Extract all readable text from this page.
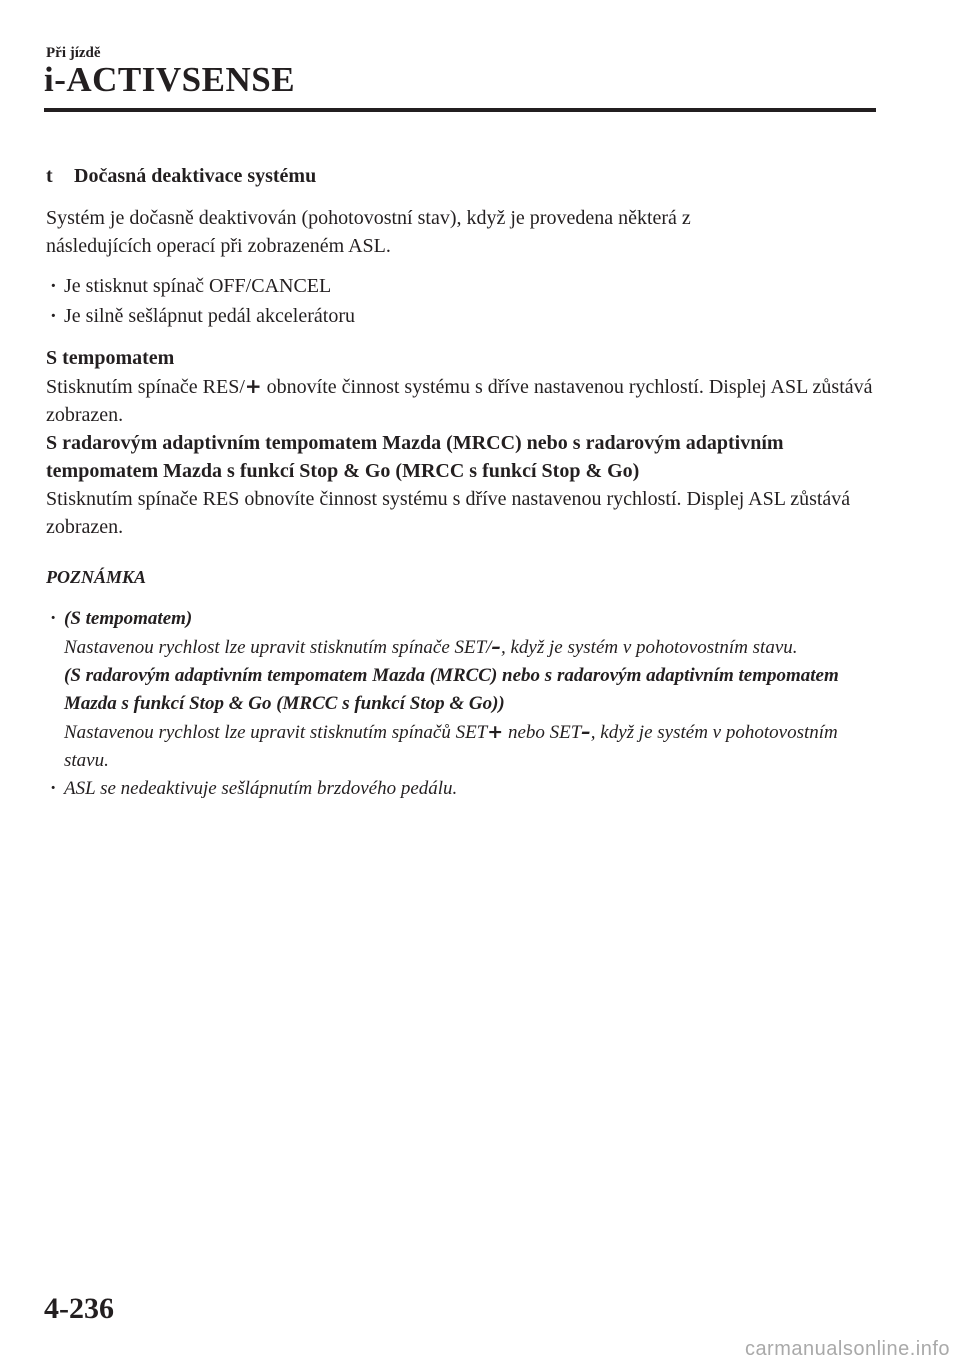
Při jízdě
i-ACTIVSENSE
t Dočasná deaktivace systému

Systém je dočasně deaktivován (pohotovostní stav), když je provedena některá z následujících operací při zobrazeném ASL.

· Je stisknut spínač OFF/CANCEL
· Je silně sešlápnut pedál akcelerátoru

S tempomatem

Stisknutím spínače RES/+ obnovíte činnost systému s dříve nastavenou rychlostí. Displej ASL zůstává zobrazen.

S radarovým adaptivním tempomatem Mazda (MRCC) nebo s radarovým adaptivním tempomatem Mazda s funkcí Stop & Go (MRCC s funkcí Stop & Go)

Stisknutím spínače RES obnovíte činnost systému s dříve nastavenou rychlostí. Displej ASL zůstává zobrazen.

POZNÁMKA

· (S tempomatem)
Nastavenou rychlost lze upravit stisknutím spínače SET/–, když je systém v pohotovostním stavu.
(S radarovým adaptivním tempomatem Mazda (MRCC) nebo s radarovým adaptivním tempomatem Mazda s funkcí Stop & Go (MRCC s funkcí Stop & Go))
Nastavenou rychlost lze upravit stisknutím spínačů SET+ nebo SET–, když je systém v pohotovostním stavu.
· ASL se nedeaktivuje sešlápnutím brzdového pedálu.
4-236
carmanualsonline.info
